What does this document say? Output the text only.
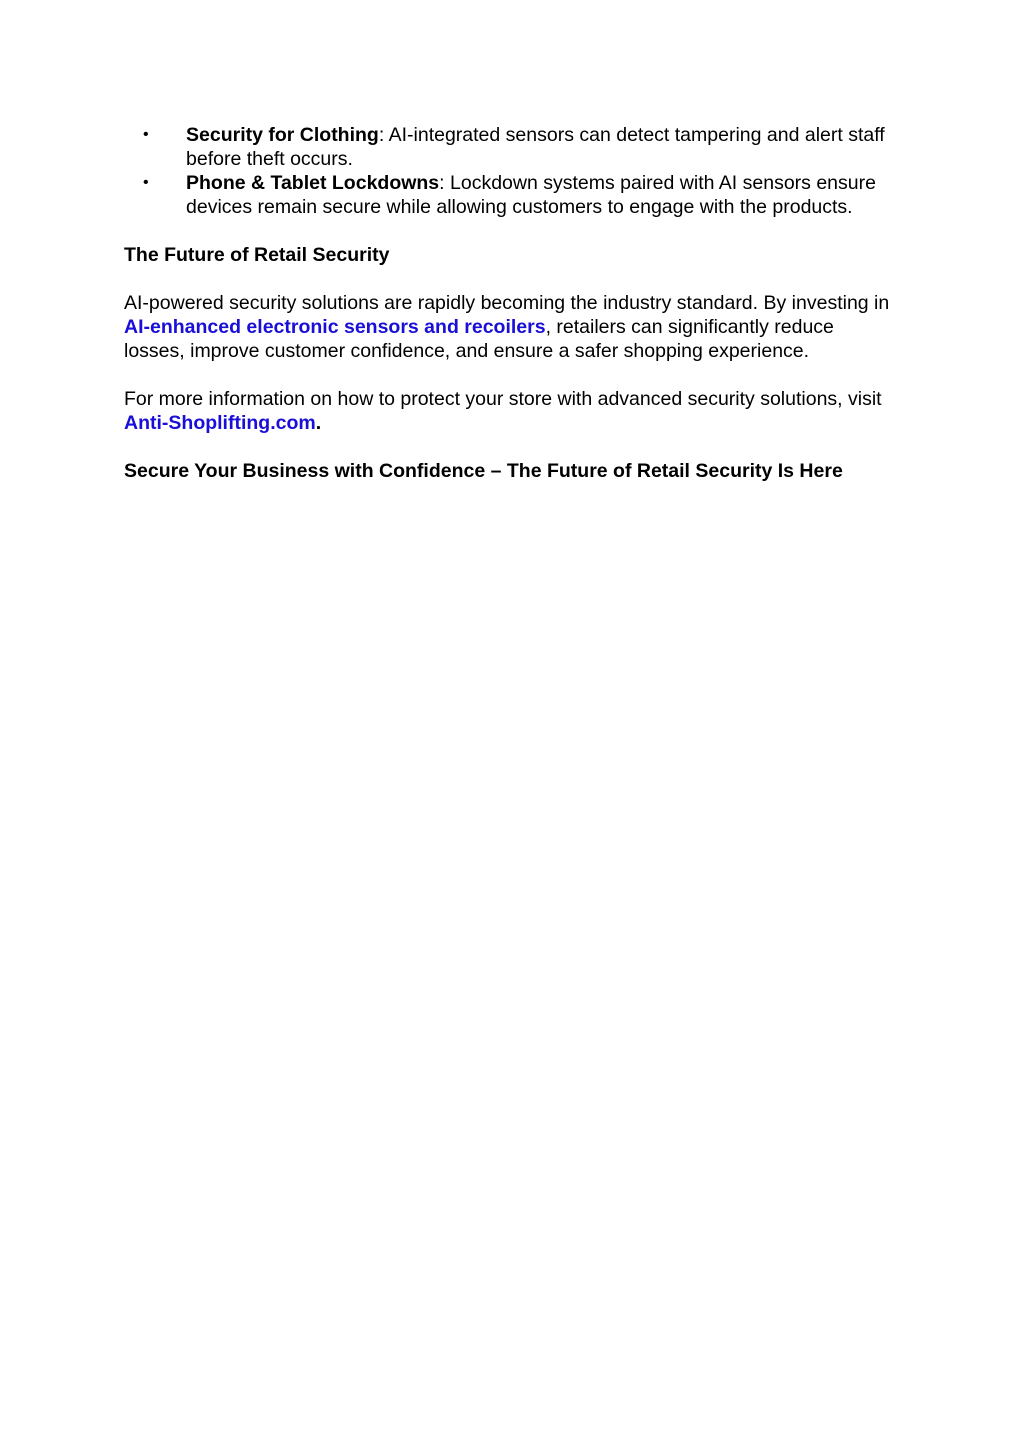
• Security for Clothing: AI-integrated sensors can detect tampering and alert staff before theft occurs.
• Phone & Tablet Lockdowns: Lockdown systems paired with AI sensors ensure devices remain secure while allowing customers to engage with the products.
The Future of Retail Security

AI-powered security solutions are rapidly becoming the industry standard. By investing in AI-enhanced electronic sensors and recoilers, retailers can significantly reduce losses, improve customer confidence, and ensure a safer shopping experience.

For more information on how to protect your store with advanced security solutions, visit Anti-Shoplifting.com.

Secure Your Business with Confidence – The Future of Retail Security Is Here
